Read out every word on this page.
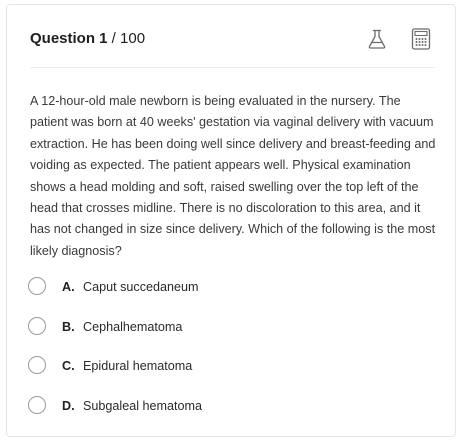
Question 1 / 100

A 12-hour-old male newborn is being evaluated in the nursery. The patient was born at 40 weeks' gestation via vaginal delivery with vacuum extraction. He has been doing well since delivery and breast-feeding and voiding as expected. The patient appears well. Physical examination shows a head molding and soft, raised swelling over the top left of the head that crosses midline. There is no discoloration to this area, and it has not changed in size since delivery. Which of the following is the most likely diagnosis?

A. Caput succedaneum
B. Cephalhematoma
C. Epidural hematoma
D. Subgaleal hematoma
